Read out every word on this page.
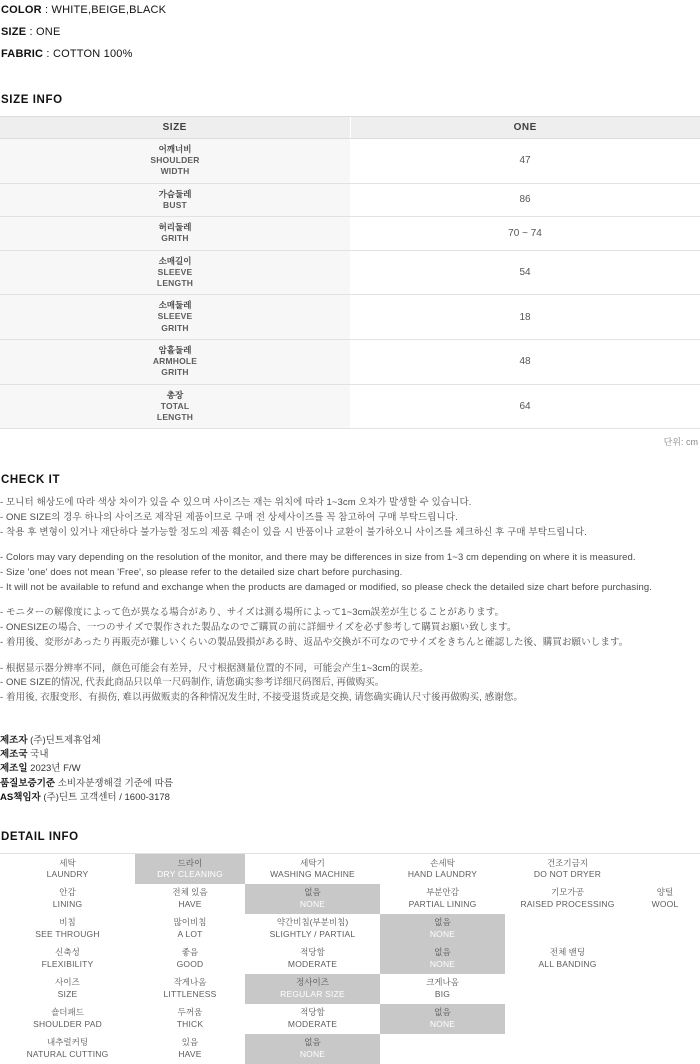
COLOR : WHITE,BEIGE,BLACK
SIZE : ONE
FABRIC : COTTON 100%
SIZE INFO
SIZE	ONE

어깨너비
SHOULDER
WIDTH	47

가슴둘레
BUST	86

허리둘레
GRITH	70 ~ 74

소매길이
SLEEVE
LENGTH	54

소매둘레
SLEEVE
GRITH	18

암홀둘레
ARMHOLE
GRITH	48

총장
TOTAL
LENGTH	64
단위: cm
CHECK IT
- 모니터 해상도에 따라 색상 차이가 있을 수 있으며 사이즈는 재는 위치에 따라 1~3cm 오차가 발생할 수 있습니다.
- ONE SIZE의 경우 하나의 사이즈로 제작된 제품이므로 구매 전 상세사이즈를 꼭 참고하여 구매 부탁드립니다.
- 착용 후 변형이 있거나 재단하다 불가능할 정도의 제품 훼손이 있을 시 반품이나 교환이 불가하오니 사이즈를 체크하신 후 구매 부탁드립니다.
- Colors may vary depending on the resolution of the monitor, and there may be differences in size from 1~3 cm depending on where it is measured.
- Size 'one' does not mean 'Free', so please refer to the detailed size chart before purchasing.
- It will not be available to refund and exchange when the products are damaged or modified, so please check the detailed size chart before purchasing.
- モニターの解像度によって色が異なる場合があり、サイズは測る場所によって1~3cm誤差が生じることがあります。
- ONESIZEの場合、一つのサイズで製作された製品なのでご購買の前に詳細サイズを必ず参考して購買お願い致します。
- 着用後、変形があったり再販売が難しいくらいの製品毀損がある時、返品や交換が不可なのでサイズをきちんと確認した後、購買お願いします。
- 根据显示器分辨率不同，颜色可能会有差异，尺寸根据测量位置的不同，可能会产生1~3cm的误差。
- ONE SIZE的情况, 代表此商品只以单一尺码制作, 请您确实参考详细尺码图后, 再做购买。
- 着用後, 衣服变形、有损伤, 难以再做贩卖的各种情况发生时, 不接受退货或是交换, 请您确实确认尺寸後再做购买, 感谢您。
제조자 (주)딘트제휴업체
제조국 국내
제조일 2023년 F/W
품질보증기준 소비자분쟁해결 기준에 따름
AS책임자 (주)딘트 고객센터 / 1600-3178
DETAIL INFO
세탁
LAUNDRY	드라이
DRY CLEANING	세탁기
WASHING MACHINE	손세탁
HAND LAUNDRY	건조기금지
DO NOT DRYER	

안감
LINING	전체 있음
HAVE	없음
NONE	부분안감
PARTIAL LINING	기모가공
RAISED PROCESSING	양털
WOOL

비침
SEE THROUGH	많이비침
A LOT	약간비침(부분비침)
SLIGHTLY / PARTIAL	없음
NONE		

신축성
FLEXIBILITY	좋음
GOOD	적당함
MODERATE	없음
NONE	전체 밴딩
ALL BANDING	

사이즈
SIZE	작게나옴
LITTLENESS	정사이즈
REGULAR SIZE	크게나옴
BIG		

숄더패드
SHOULDER PAD	두꺼움
THICK	적당함
MODERATE	없음
NONE		

내추럴커팅
NATURAL CUTTING	있음
HAVE	없음
NONE			
